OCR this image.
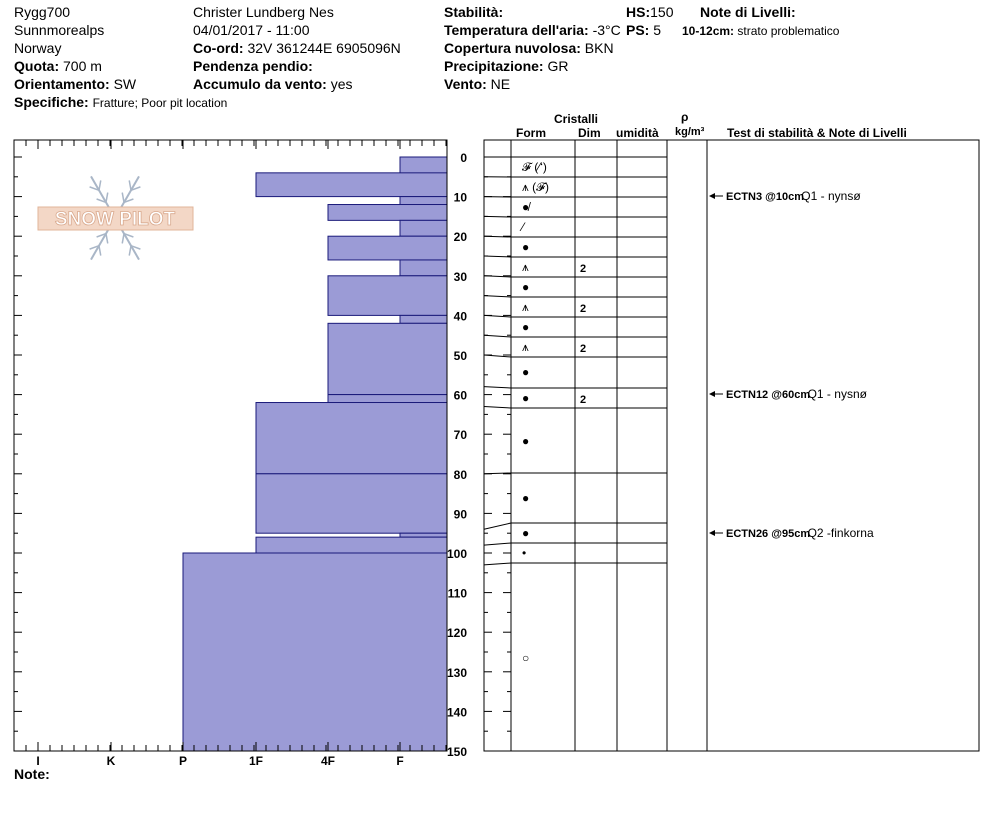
Rygg700
Sunnmorealps
Norway
Quota: 700 m
Orientamento: SW
Specifiche: Fratture; Poor pit location
Christer Lundberg Nes
04/01/2017 - 11:00
Co-ord: 32V 361244E 6905096N
Pendenza pendio:
Accumulo da vento: yes
Stabilità:
Temperatura dell'aria: -3°C
Copertura nuvolosa: BKN
Precipitazione: GR
Vento: NE
HS:150
PS: 5
Note di Livelli:
10-12cm: strato problematico
Cristalli
Form	Dim umidità
ρ
kg/m³ Test di stabilità & Note di Livelli
SNOW PILOT
I	K	P	1F	4F	F
0
10
20
30
40
50
60
70
80
90
100
110
120
130
140
150
𝓕 (⁄‘)
⩚ (𝓕)
●̸
⁄
●
⩚	2
●
⩚	2
●
⩚	2
●
●	2
●
●
●
•
○
ECTN3 @10cm
Q1 - nynsø
ECTN12 @60cm
Q1 - nysnø
ECTN26 @95cm
Q2 -finkorna
Note:
